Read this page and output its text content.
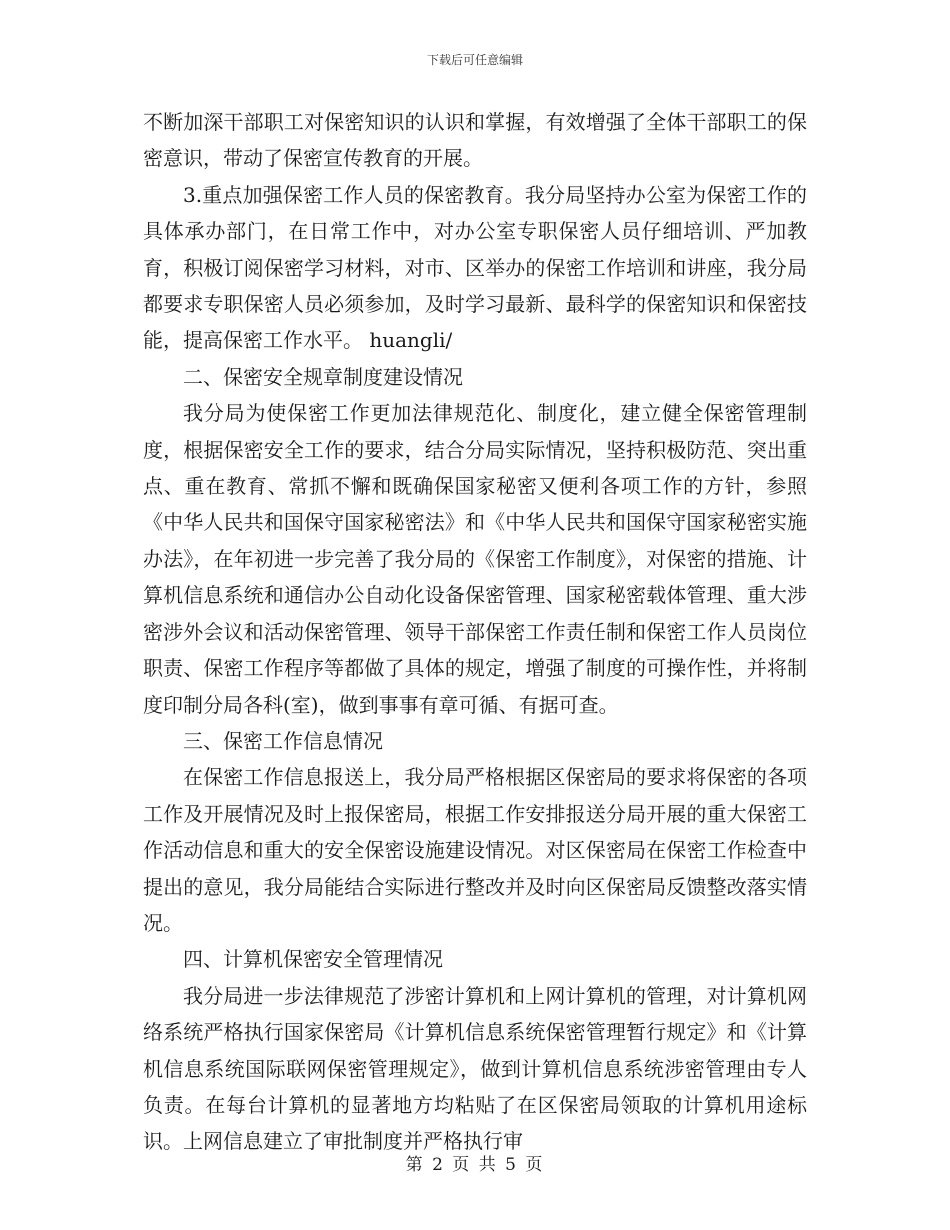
下载后可任意编辑

不断加深干部职工对保密知识的认识和掌握，有效增强了全体干部职工的保密意识，带动了保密宣传教育的开展。

3.重点加强保密工作人员的保密教育。我分局坚持办公室为保密工作的具体承办部门，在日常工作中，对办公室专职保密人员仔细培训、严加教育，积极订阅保密学习材料，对市、区举办的保密工作培训和讲座，我分局都要求专职保密人员必须参加，及时学习最新、最科学的保密知识和保密技能，提高保密工作水平。 huangli/

二、保密安全规章制度建设情况

我分局为使保密工作更加法律规范化、制度化，建立健全保密管理制度，根据保密安全工作的要求，结合分局实际情况，坚持积极防范、突出重点、重在教育、常抓不懈和既确保国家秘密又便利各项工作的方针，参照《中华人民共和国保守国家秘密法》和《中华人民共和国保守国家秘密实施办法》，在年初进一步完善了我分局的《保密工作制度》，对保密的措施、计算机信息系统和通信办公自动化设备保密管理、国家秘密载体管理、重大涉密涉外会议和活动保密管理、领导干部保密工作责任制和保密工作人员岗位职责、保密工作程序等都做了具体的规定，增强了制度的可操作性，并将制度印制分局各科(室)，做到事事有章可循、有据可查。

三、保密工作信息情况

在保密工作信息报送上，我分局严格根据区保密局的要求将保密的各项工作及开展情况及时上报保密局，根据工作安排报送分局开展的重大保密工作活动信息和重大的安全保密设施建设情况。对区保密局在保密工作检查中提出的意见，我分局能结合实际进行整改并及时向区保密局反馈整改落实情况。

四、计算机保密安全管理情况

我分局进一步法律规范了涉密计算机和上网计算机的管理，对计算机网络系统严格执行国家保密局《计算机信息系统保密管理暂行规定》和《计算机信息系统国际联网保密管理规定》，做到计算机信息系统涉密管理由专人负责。在每台计算机的显著地方均粘贴了在区保密局领取的计算机用途标识。上网信息建立了审批制度并严格执行审

第 2 页 共 5 页
